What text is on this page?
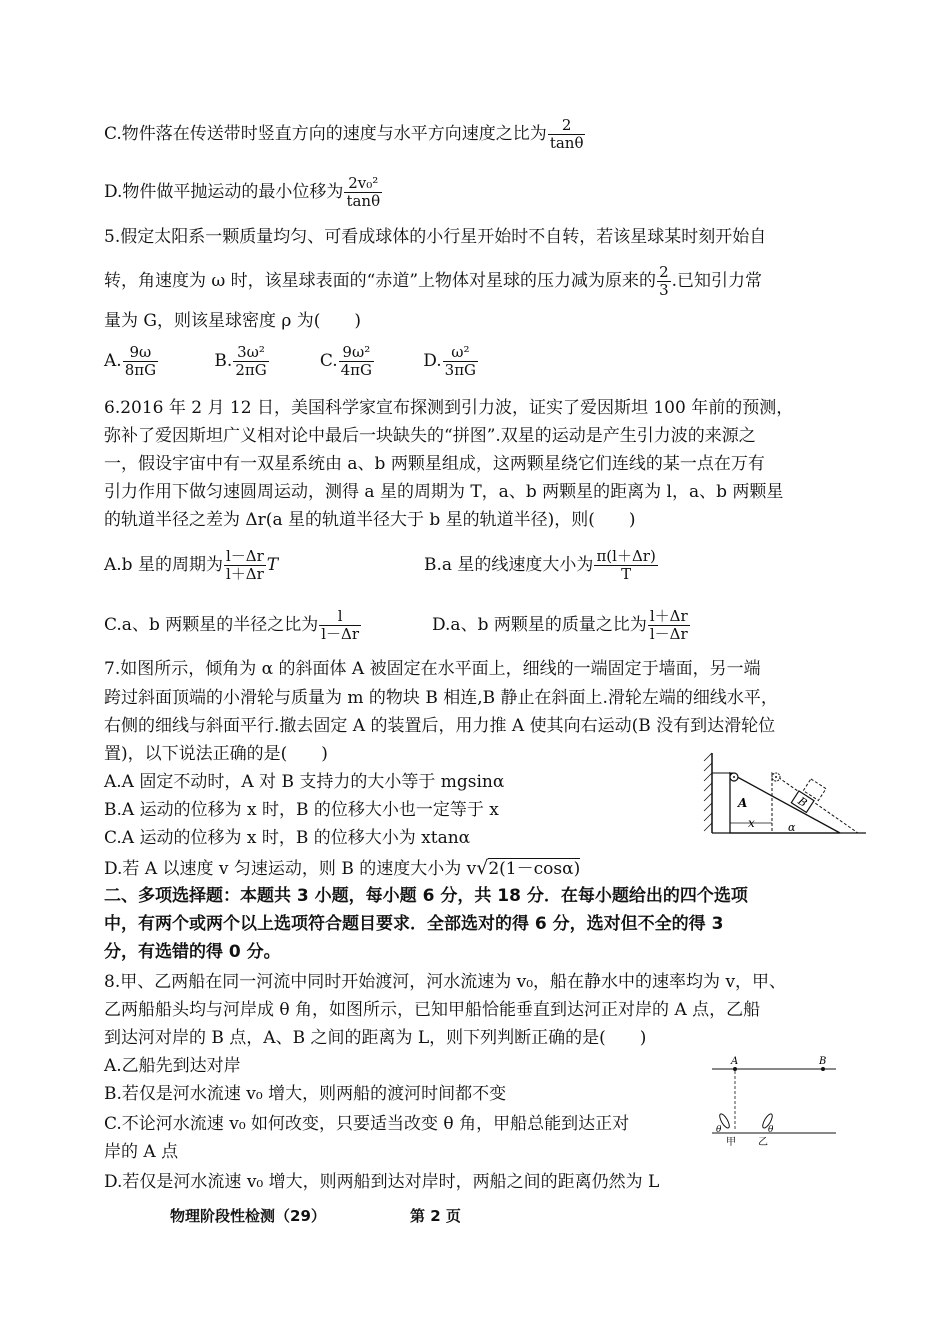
C.物件落在传送带时竖直方向的速度与水平方向速度之比为 $\frac{2}{\tan\theta}$
D.物件做平抛运动的最小位移为 $\frac{\text{2v₀²}}{\tan\theta}$
5.假定太阳系一颗质量均匀、可看成球体的小行星开始时不自转，若该星球某时刻开始自
转，角速度为 ω 时，该星球表面的“赤道”上物体对星球的压力减为原来的 $\frac{2}{3}$ .已知引力常
量为 G，则该星球密度 ρ 为(　　)
A. $\frac{9\omega}{8\pi G}$	B. $\frac{\text{3ω²}}{2\pi G}$	C. $\frac{\text{9ω²}}{4\pi G}$	D. $\frac{\text{ω²}}{3\pi G}$
6.2016 年 2 月 12 日，美国科学家宣布探测到引力波，证实了爱因斯坦 100 年前的预测，
弥补了爱因斯坦广义相对论中最后一块缺失的“拼图”.双星的运动是产生引力波的来源之
一，假设宇宙中有一双星系统由 a、b 两颗星组成，这两颗星绕它们连线的某一点在万有
引力作用下做匀速圆周运动，测得 a 星的周期为 T，a、b 两颗星的距离为 l，a、b 两颗星
的轨道半径之差为 Δr(a 星的轨道半径大于 b 星的轨道半径)，则(　　)
A.b 星的周期为 $\frac{l-\Delta r}{l+\Delta r}$ T	B.a 星的线速度大小为 $\frac{\pi(l+\Delta r)}{T}$
C.a、b 两颗星的半径之比为 $\frac{l}{l-\Delta r}$	D.a、b 两颗星的质量之比为 $\frac{l+\Delta r}{l-\Delta r}$
7.如图所示，倾角为 α 的斜面体 A 被固定在水平面上，细线的一端固定于墙面，另一端
跨过斜面顶端的小滑轮与质量为 m 的物块 B 相连,B 静止在斜面上.滑轮左端的细线水平，
右侧的细线与斜面平行.撤去固定 A 的装置后，用力推 A 使其向右运动(B 没有到达滑轮位
置)，以下说法正确的是(　　)
A.A 固定不动时，A 对 B 支持力的大小等于 mgsinα
B.A 运动的位移为 x 时，B 的位移大小也一定等于 x
C.A 运动的位移为 x 时，B 的位移大小为 xtanα
D.若 A 以速度 v 匀速运动，则 B 的速度大小为 v√2(1－cosα)
B
A
x	α
二、多项选择题：本题共 3 小题，每小题 6 分，共 18 分．在每小题给出的四个选项
中，有两个或两个以上选项符合题目要求．全部选对的得 6 分，选对但不全的得 3
分，有选错的得 0 分。
8.甲、乙两船在同一河流中同时开始渡河，河水流速为 v₀，船在静水中的速率均为 v，甲、
乙两船船头均与河岸成 θ 角，如图所示，已知甲船恰能垂直到达河正对岸的 A 点，乙船
到达河对岸的 B 点，A、B 之间的距离为 L，则下列判断正确的是(　　)
A.乙船先到达对岸
B.若仅是河水流速 v₀ 增大，则两船的渡河时间都不变
C.不论河水流速 v₀ 如何改变，只要适当改变 θ 角，甲船总能到达正对
岸的 A 点
D.若仅是河水流速 v₀ 增大，则两船到达对岸时，两船之间的距离仍然为 L
A	B
θ	θ
甲 乙
物理阶段性检测（29）	第 2 页
